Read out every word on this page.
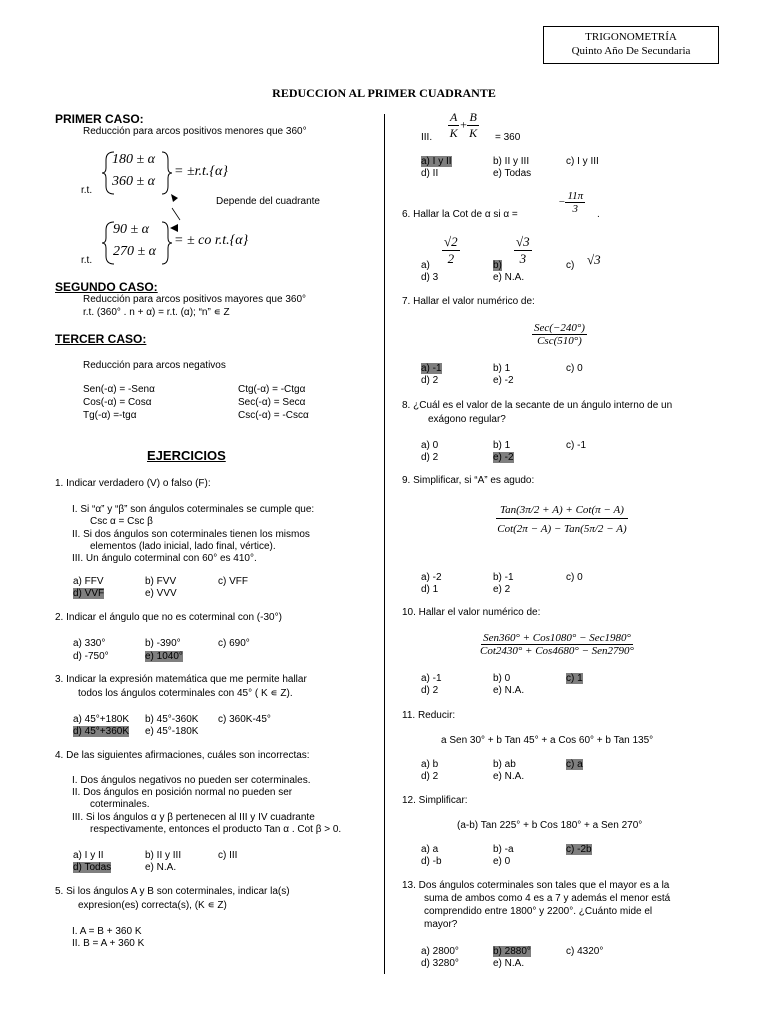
TRIGONOMETRÍA
Quinto Año De Secundaria
REDUCCION AL PRIMER CUADRANTE
PRIMER CASO:
Reducción para arcos positivos menores que 360°
180 ± α
360 ± α
= ±r.t.{α}
r.t.
Depende del cuadrante
90 ± α
270 ± α
= ± co r.t.{α}
r.t.
SEGUNDO CASO:
Reducción para arcos positivos mayores que 360°
r.t. (360° . n + α) = r.t. (α); “n” ∊ Z
TERCER CASO:
Reducción para arcos negativos
Sen(-α) = -Senα	Ctg(-α) = -Ctgα
Cos(-α) = Cosα	Sec(-α) = Secα
Tg(-α) =-tgα	Csc(-α) = -Cscα
EJERCICIOS
1. Indicar verdadero (V) o falso (F):
I. Si “α” y “β” son ángulos coterminales se cumple que:
Csc α = Csc β
II. Si dos ángulos son coterminales tienen los mismos
elementos (lado inicial, lado final, vértice).
III. Un ángulo coterminal con 60° es 410°.
a) FFV	b) FVV	c) VFF
d) VVF	e) VVV
2. Indicar el ángulo que no es coterminal con (-30°)
a) 330°	b) -390°	c) 690°
d) -750°	e) 1040°
3. Indicar la expresión matemática que me permite hallar
todos los ángulos coterminales con 45° ( K ∊ Z).
a) 45°+180K b) 45°-360K c) 360K-45°
d) 45°+360K e) 45°-180K
4. De las siguientes afirmaciones, cuáles son incorrectas:
I. Dos ángulos negativos no pueden ser coterminales.
II. Dos ángulos en posición normal no pueden ser
coterminales.
III. Si los ángulos α y β pertenecen al III y IV cuadrante
respectivamente, entonces el producto Tan α . Cot β > 0.
a) I y II	b) II y III	c) III
d) Todas	e) N.A.
5. Si los ángulos A y B son coterminales, indicar la(s)
expresion(es) correcta(s), (K ∊ Z)
I. A = B + 360 K
II. B = A + 360 K
III. $\frac{A}{K} + \frac{B}{K} = 360$
a) I y II	b) II y III	c) I y III
d) II	e) Todas
6. Hallar la Cot de α si α =
− $\frac{11\pi}{3}$ .
$a) \frac{√2}{2}$	$b) \frac{√3}{3}$	c) √3
d) 3	e) N.A.
7. Hallar el valor numérico de:
$\frac{\text{Sec(−240°)}}{\text{Csc(510°)}}$
a) -1	b) 1	c) 0
d) 2	e) -2
8. ¿Cuál es el valor de la secante de un ángulo interno de un
exágono regular?
a) 0	b) 1	c) -1
d) 2	e) -2
9. Simplificar, si “A” es agudo:
$\frac{\text{Tan(3π/2 + A) + Cot(π − A)}}{\text{Cot(2π − A) − Tan(5π/2 − A)}}$
a) -2	b) -1	c) 0
d) 1	e) 2
10. Hallar el valor numérico de:
$\frac{\text{Sen360° + Cos1080° − Sec1980°}}{\text{Cot2430° + Cos4680° − Sen2790°}}$
a) -1	b) 0	c) 1
d) 2	e) N.A.
11. Reducir:
a Sen 30° + b Tan 45° + a Cos 60° + b Tan 135°
a) b	b) ab	c) a
d) 2	e) N.A.
12. Simplificar:
(a-b) Tan 225° + b Cos 180° + a Sen 270°
a) a	b) -a	c) -2b
d) -b	e) 0
13. Dos ángulos coterminales son tales que el mayor es a la
suma de ambos como 4 es a 7 y además el menor está
comprendido entre 1800° y 2200°. ¿Cuánto mide el
mayor?
a) 2800°	b) 2880°	c) 4320°
d) 3280°	e) N.A.
